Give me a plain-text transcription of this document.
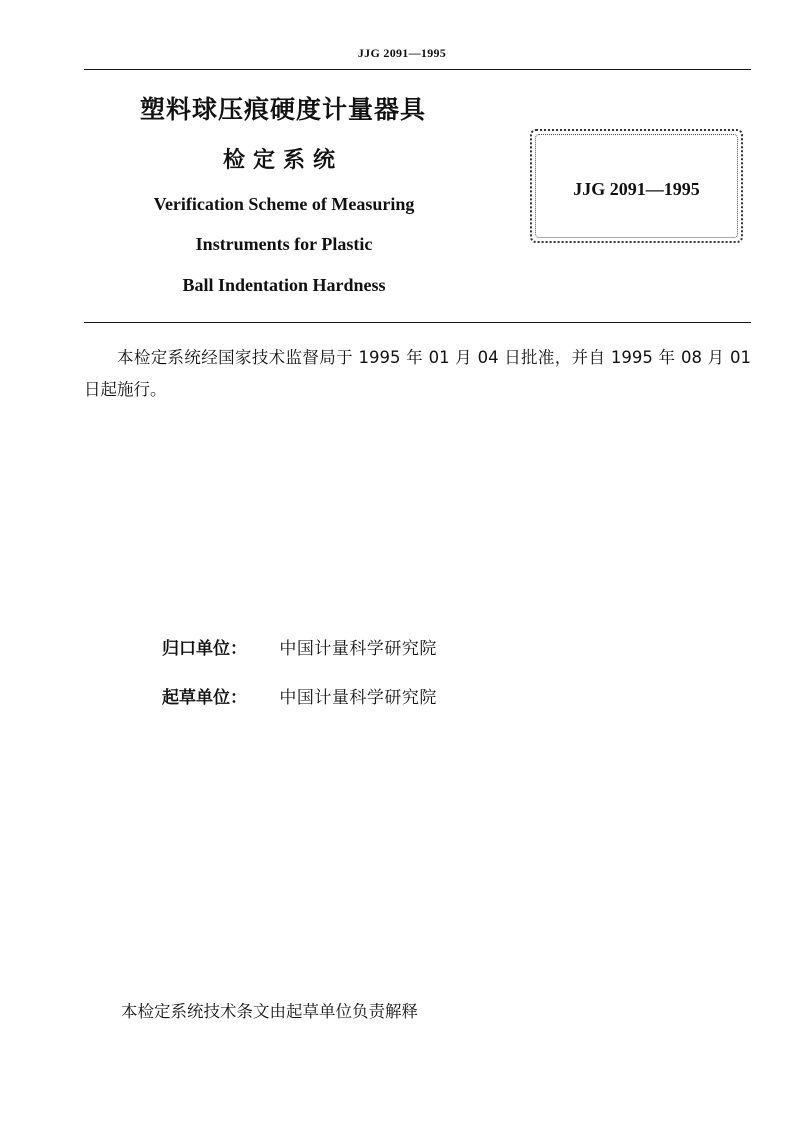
JJG 2091—1995
塑料球压痕硬度计量器具
检定系统
Verification Scheme of Measuring
Instruments for Plastic
Ball Indentation Hardness
JJG 2091—1995
本检定系统经国家技术监督局于 1995 年 01 月 04 日批准，并自 1995 年 08 月 01 日起施行。
归口单位： 中国计量科学研究院
起草单位： 中国计量科学研究院
本检定系统技术条文由起草单位负责解释
